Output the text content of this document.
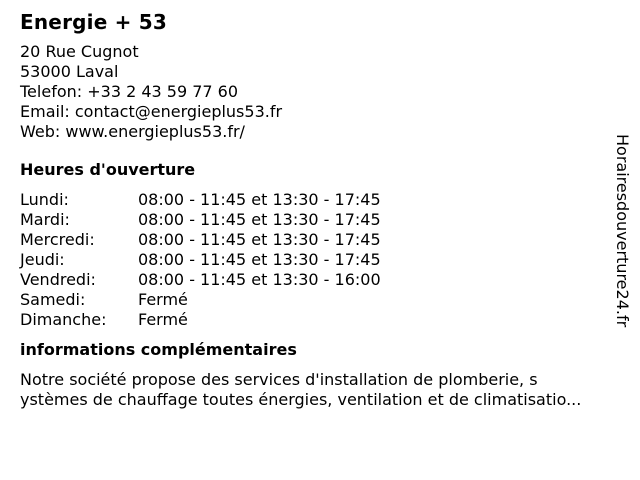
Energie + 53
20 Rue Cugnot
53000 Laval
Telefon: +33 2 43 59 77 60
Email: contact@energieplus53.fr
Web: www.energieplus53.fr/
Heures d'ouverture
Lundi:	08:00 - 11:45 et 13:30 - 17:45
Mardi:	08:00 - 11:45 et 13:30 - 17:45
Mercredi:	08:00 - 11:45 et 13:30 - 17:45
Jeudi:	08:00 - 11:45 et 13:30 - 17:45
Vendredi:	08:00 - 11:45 et 13:30 - 16:00
Samedi:	Fermé
Dimanche:	Fermé
informations complémentaires
Notre société propose des services d'installation de plomberie, s
ystèmes de chauffage toutes énergies, ventilation et de climatisatio...
Horairesdouverture24.fr
